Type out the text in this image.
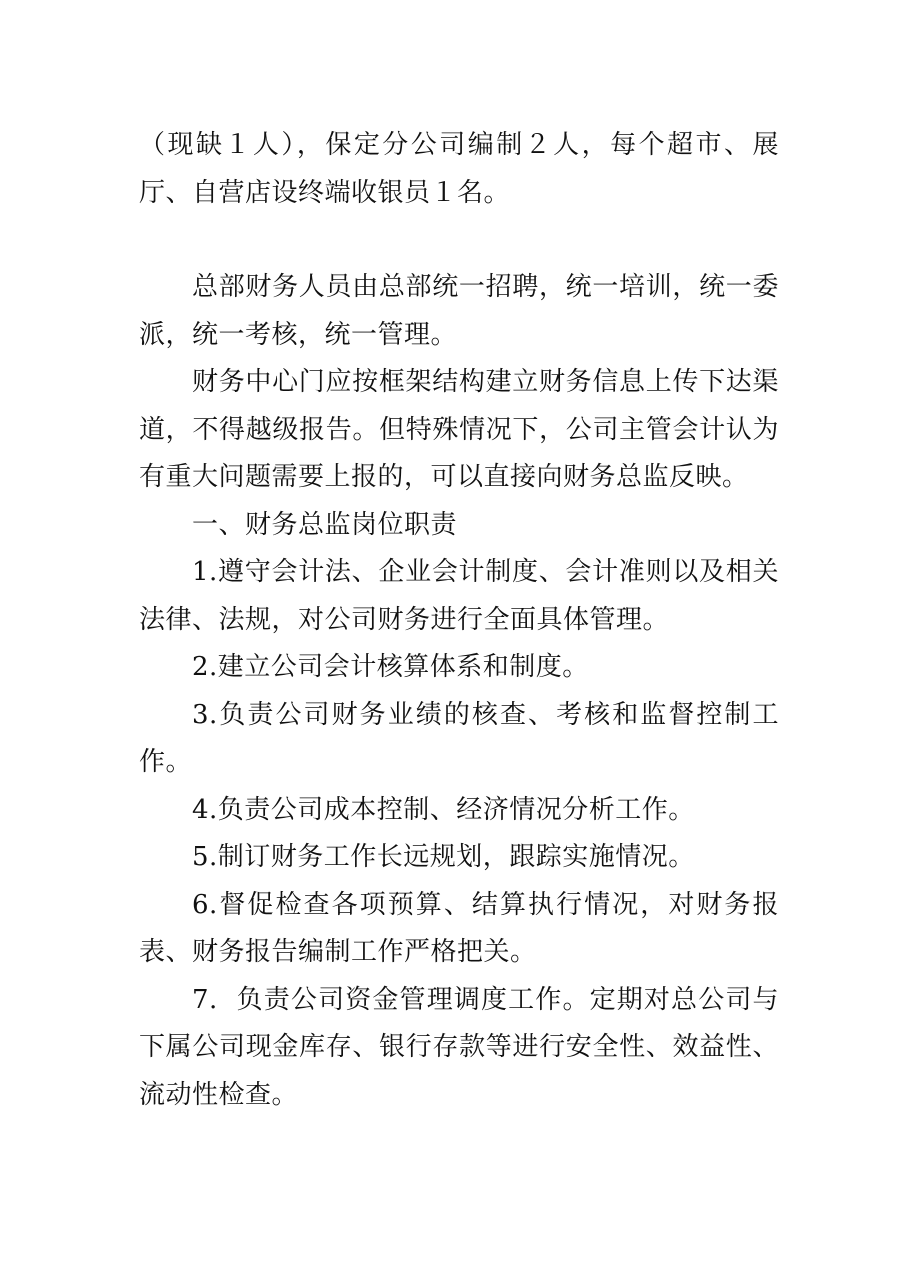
（现缺１人），保定分公司编制２人，每个超市、展厅、自营店设终端收银员１名。

总部财务人员由总部统一招聘，统一培训，统一委派，统一考核，统一管理。

财务中心门应按框架结构建立财务信息上传下达渠道，不得越级报告。但特殊情况下，公司主管会计认为有重大问题需要上报的，可以直接向财务总监反映。

一、财务总监岗位职责

1.遵守会计法、企业会计制度、会计准则以及相关法律、法规，对公司财务进行全面具体管理。

2.建立公司会计核算体系和制度。

3.负责公司财务业绩的核查、考核和监督控制工作。

4.负责公司成本控制、经济情况分析工作。

5.制订财务工作长远规划，跟踪实施情况。

6.督促检查各项预算、结算执行情况，对财务报表、财务报告编制工作严格把关。

7.  负责公司资金管理调度工作。定期对总公司与下属公司现金库存、银行存款等进行安全性、效益性、流动性检查。
